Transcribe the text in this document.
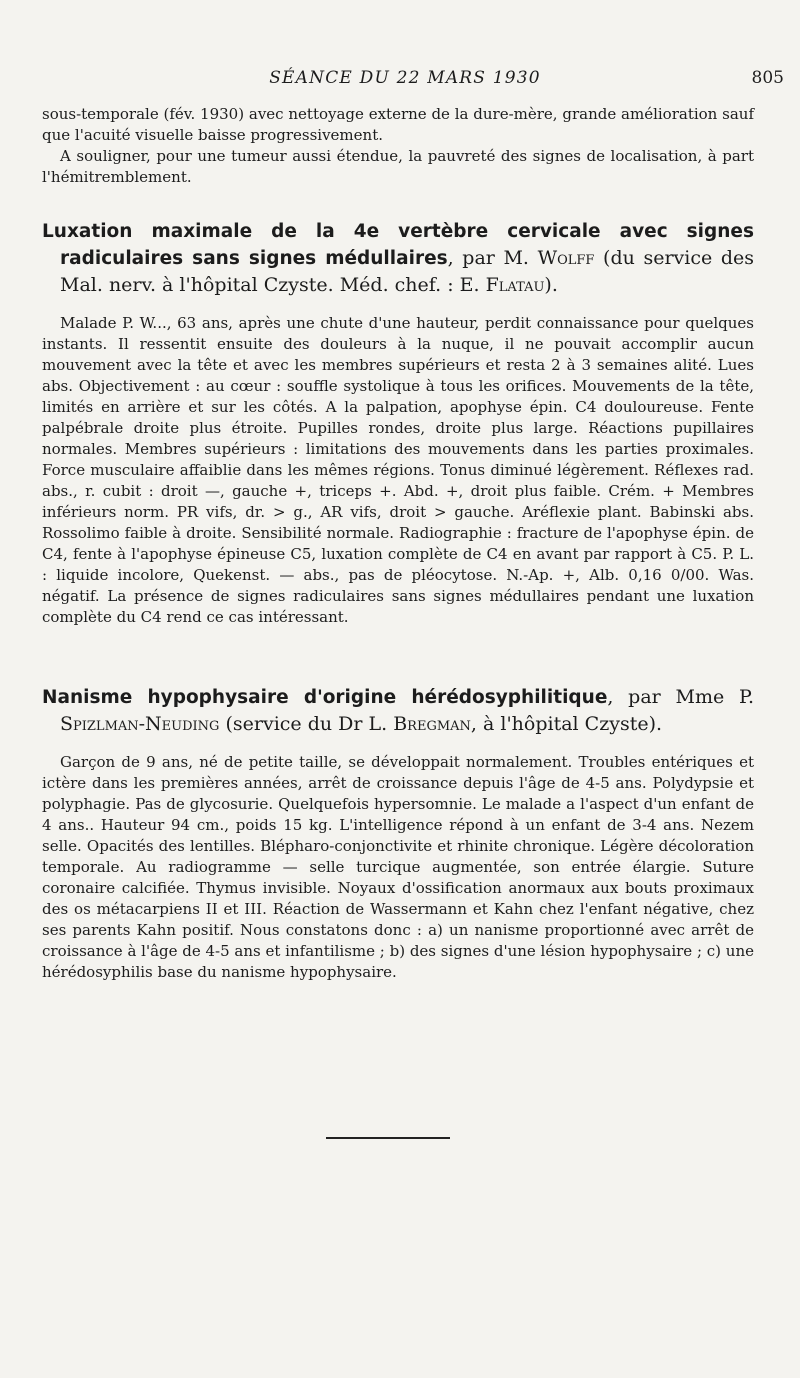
SÉANCE DU 22 MARS 1930	805

sous-temporale (fév. 1930) avec nettoyage externe de la dure-mère, grande amélioration sauf que l'acuité visuelle baisse progressivement.

A souligner, pour une tumeur aussi étendue, la pauvreté des signes de localisation, à part l'hémitremblement.

Luxation maximale de la 4e vertèbre cervicale avec signes radiculaires sans signes médullaires, par M. Wolff (du service des Mal. nerv. à l'hôpital Czyste. Méd. chef. : E. Flatau).

Malade P. W..., 63 ans, après une chute d'une hauteur, perdit connaissance pour quelques instants. Il ressentit ensuite des douleurs à la nuque, il ne pouvait accomplir aucun mouvement avec la tête et avec les membres supérieurs et resta 2 à 3 semaines alité. Lues abs. Objectivement : au cœur : souffle systolique à tous les orifices. Mouvements de la tête, limités en arrière et sur les côtés. A la palpation, apophyse épin. C4 douloureuse. Fente palpébrale droite plus étroite. Pupilles rondes, droite plus large. Réactions pupillaires normales. Membres supérieurs : limitations des mouvements dans les parties proximales. Force musculaire affaiblie dans les mêmes régions. Tonus diminué légèrement. Réflexes rad. abs., r. cubit : droit —, gauche +, triceps +. Abd. +, droit plus faible. Crém. + Membres inférieurs norm. PR vifs, dr. > g., AR vifs, droit > gauche. Aréflexie plant. Babinski abs. Rossolimo faible à droite. Sensibilité normale. Radiographie : fracture de l'apophyse épin. de C4, fente à l'apophyse épineuse C5, luxation complète de C4 en avant par rapport à C5. P. L. : liquide incolore, Quekenst. — abs., pas de pléocytose. N.-Ap. +, Alb. 0,16 0/00. Was. négatif. La présence de signes radiculaires sans signes médullaires pendant une luxation complète du C4 rend ce cas intéressant.

Nanisme hypophysaire d'origine hérédosyphilitique, par Mme P. Spizlman-Neuding (service du Dr L. Bregman, à l'hôpital Czyste).

Garçon de 9 ans, né de petite taille, se développait normalement. Troubles entériques et ictère dans les premières années, arrêt de croissance depuis l'âge de 4-5 ans. Polydypsie et polyphagie. Pas de glycosurie. Quelquefois hypersomnie. Le malade a l'aspect d'un enfant de 4 ans.. Hauteur 94 cm., poids 15 kg. L'intelligence répond à un enfant de 3-4 ans. Nezem selle. Opacités des lentilles. Blépharo-conjonctivite et rhinite chronique. Légère décoloration temporale. Au radiogramme — selle turcique augmentée, son entrée élargie. Suture coronaire calcifiée. Thymus invisible. Noyaux d'ossification anormaux aux bouts proximaux des os métacarpiens II et III. Réaction de Wassermann et Kahn chez l'enfant négative, chez ses parents Kahn positif. Nous constatons donc : a) un nanisme proportionné avec arrêt de croissance à l'âge de 4-5 ans et infantilisme ; b) des signes d'une lésion hypophysaire ; c) une hérédosyphilis base du nanisme hypophysaire.
